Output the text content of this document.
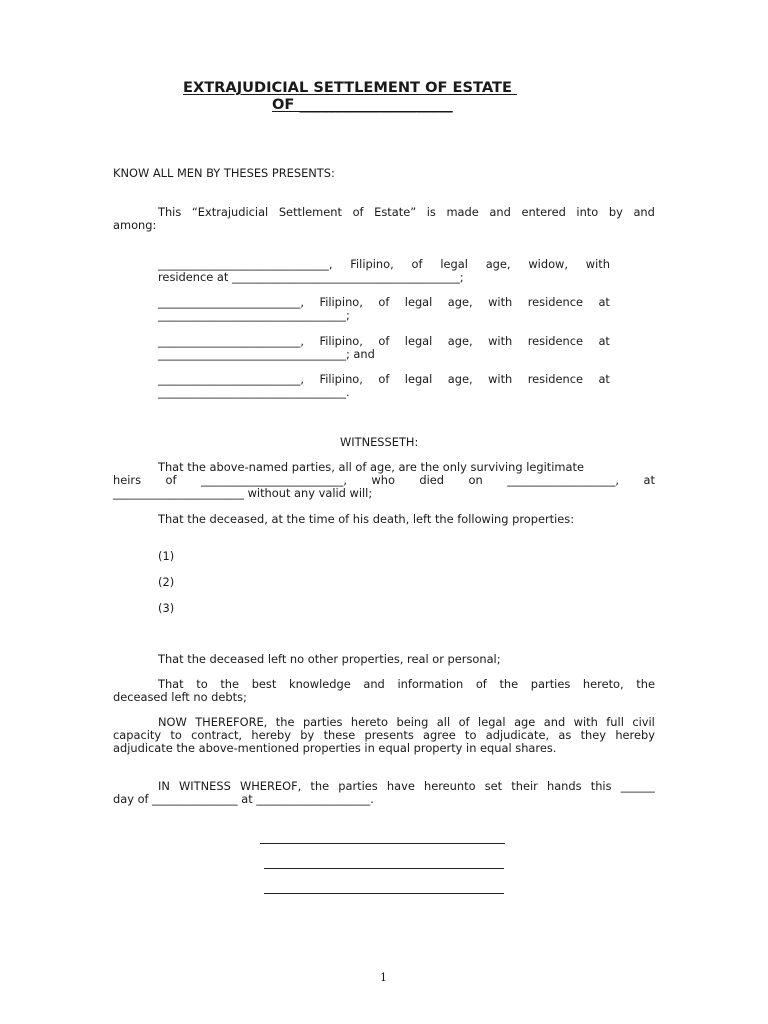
EXTRAJUDICIAL SETTLEMENT OF ESTATE
OF _____________________
KNOW ALL MEN BY THESES PRESENTS:
This “Extrajudicial Settlement of Estate” is made and entered into by and
among:
______________________________, Filipino, of legal age, widow, with
residence at ________________________________________;
_________________________, Filipino, of legal age, with residence at
_________________________________;
_________________________, Filipino, of legal age, with residence at
_________________________________; and
_________________________, Filipino, of legal age, with residence at
_________________________________.
WITNESSETH:
That the above-named parties, all of age, are the only surviving legitimate
heirs of _________________________, who died on ___________________, at
_______________________ without any valid will;
That the deceased, at the time of his death, left the following properties:
(1)
(2)
(3)
That the deceased left no other properties, real or personal;
That to the best knowledge and information of the parties hereto, the
deceased left no debts;
NOW THEREFORE, the parties hereto being all of legal age and with full civil
capacity to contract, hereby by these presents agree to adjudicate, as they hereby
adjudicate the above-mentioned properties in equal property in equal shares.
IN WITNESS WHEREOF, the parties have hereunto set their hands this ______
day of _______________ at ____________________.
1
